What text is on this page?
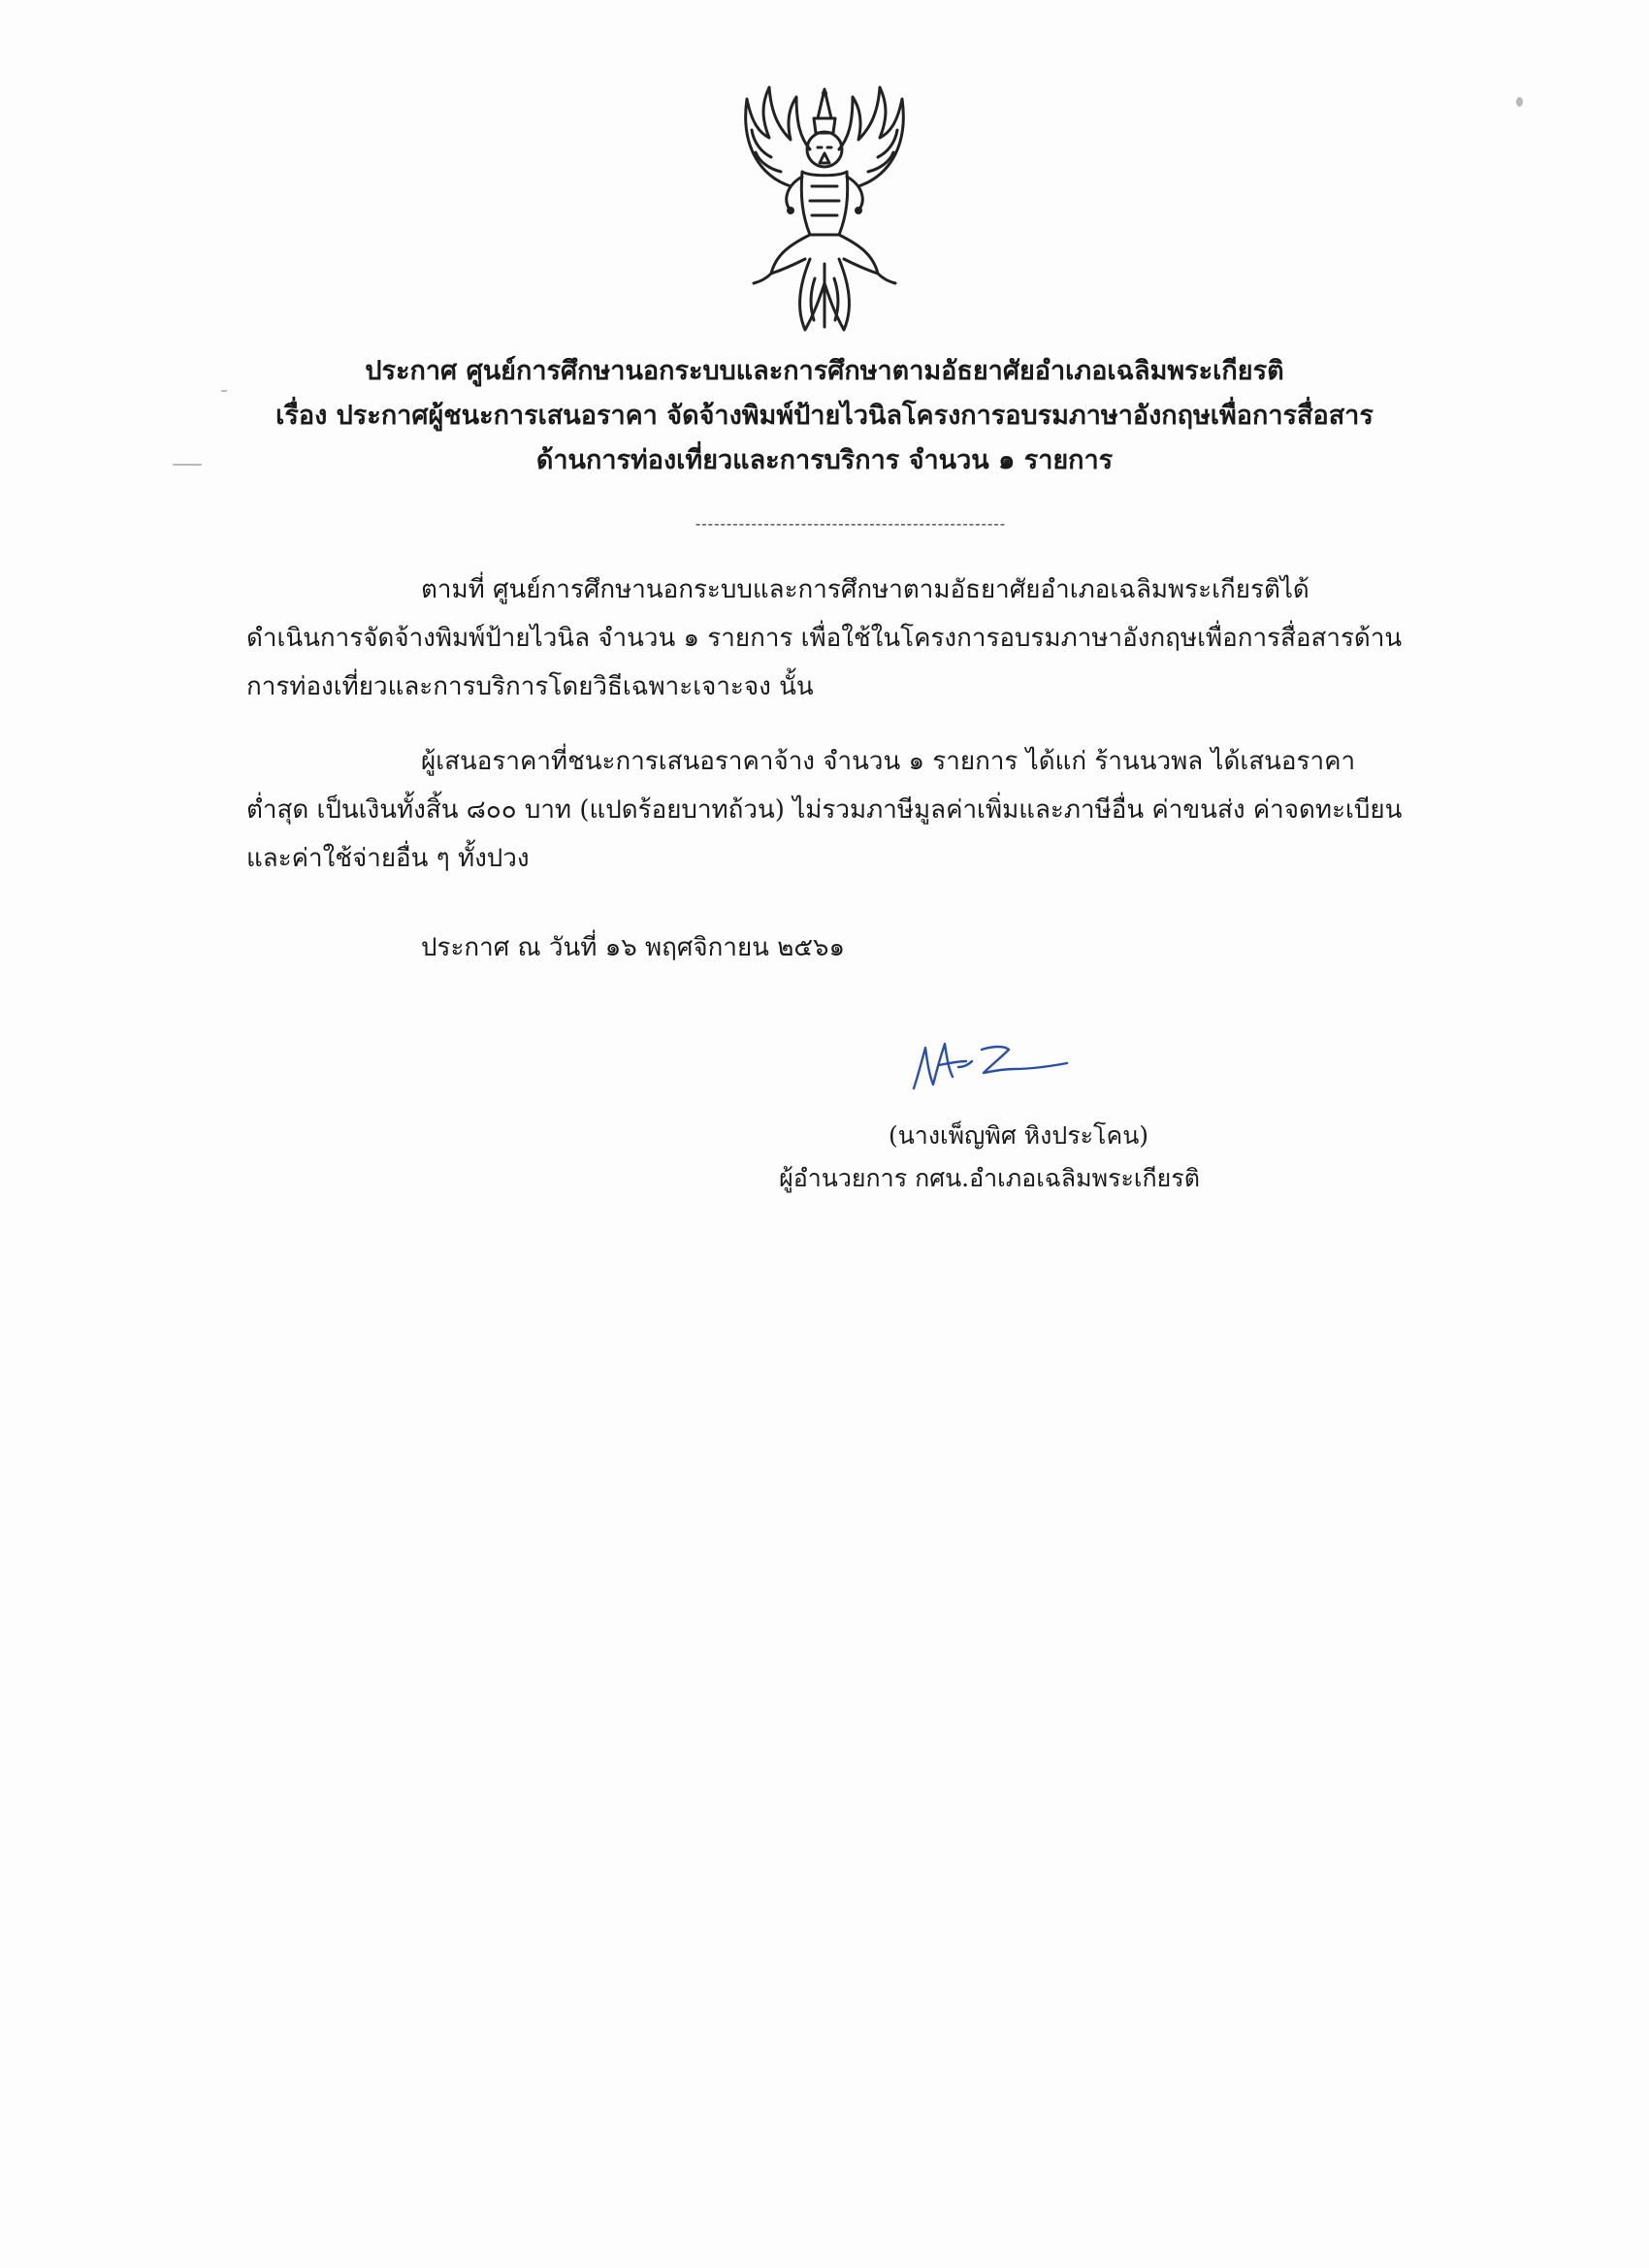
ประกาศ ศูนย์การศึกษานอกระบบและการศึกษาตามอัธยาศัยอำเภอเฉลิมพระเกียรติ
เรื่อง ประกาศผู้ชนะการเสนอราคา จัดจ้างพิมพ์ป้ายไวนิลโครงการอบรมภาษาอังกฤษเพื่อการสื่อสาร
ด้านการท่องเที่ยวและการบริการ จำนวน ๑ รายการ
--------------------------------------------------
ตามที่ ศูนย์การศึกษานอกระบบและการศึกษาตามอัธยาศัยอำเภอเฉลิมพระเกียรติได้
ดำเนินการจัดจ้างพิมพ์ป้ายไวนิล จำนวน ๑ รายการ เพื่อใช้ในโครงการอบรมภาษาอังกฤษเพื่อการสื่อสารด้าน
การท่องเที่ยวและการบริการโดยวิธีเฉพาะเจาะจง นั้น
ผู้เสนอราคาที่ชนะการเสนอราคาจ้าง จำนวน ๑ รายการ ได้แก่ ร้านนวพล ได้เสนอราคา
ต่ำสุด เป็นเงินทั้งสิ้น ๘๐๐ บาท (แปดร้อยบาทถ้วน) ไม่รวมภาษีมูลค่าเพิ่มและภาษีอื่น ค่าขนส่ง ค่าจดทะเบียน
และค่าใช้จ่ายอื่น ๆ ทั้งปวง
ประกาศ ณ วันที่ ๑๖ พฤศจิกายน ๒๕๖๑
(นางเพ็ญพิศ หิงประโคน)
ผู้อำนวยการ กศน.อำเภอเฉลิมพระเกียรติ
